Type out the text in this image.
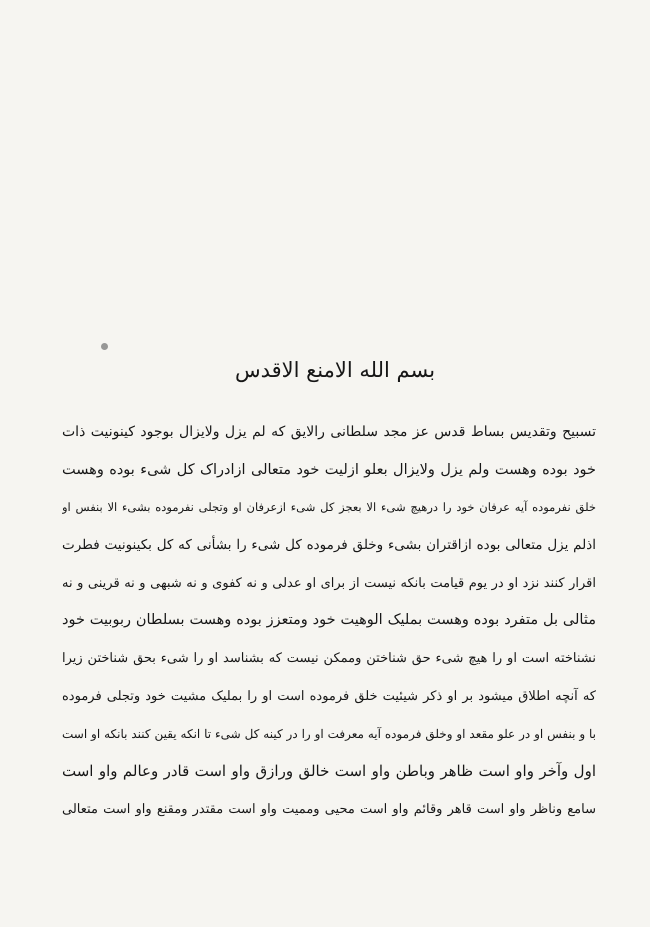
بسم الله الامنع الاقدس
تسبیح وتقدیس بساط قدس عز مجد سلطانی رالایق که لم یزل ولایزال بوجود کینونیت ذات
خود بوده وهست ولم یزل ولایزال بعلو ازلیت خود متعالی ازادراک کل شیء بوده وهست
خلق نفرموده آیه عرفان خود را درهیچ شیء الا بعجز کل شیء ازعرفان او وتجلی نفرموده بشیء الا بنفس او
اذلم یزل متعالی بوده ازاقتران بشیء وخلق فرموده کل شیء را بشأنی که کل بکینونیت فطرت
اقرار کنند نزد او در یوم قیامت بانکه نیست از برای او عدلی و نه کفوی و نه شبهی و نه قرینی و نه
مثالی بل متفرد بوده وهست بملیک الوهیت خود ومتعزز بوده وهست بسلطان ربوبیت خود
نشناخته است او را هیچ شیء حق شناختن وممکن نیست که بشناسد او را شیء بحق شناختن زیرا
که آنچه اطلاق میشود بر او ذکر شیئیت خلق فرموده است او را بملیک مشیت خود وتجلی فرموده
با و بنفس او در علو مقعد او وخلق فرموده آیه معرفت او را در کینه کل شیء تا انکه یقین کنند بانکه او است
اول وآخر واو است ظاهر وباطن واو است خالق ورازق واو است قادر وعالم واو است
سامع وناظر واو است قاهر وقائم واو است محیی وممیت واو است مقتدر ومقنع واو است متعالی
